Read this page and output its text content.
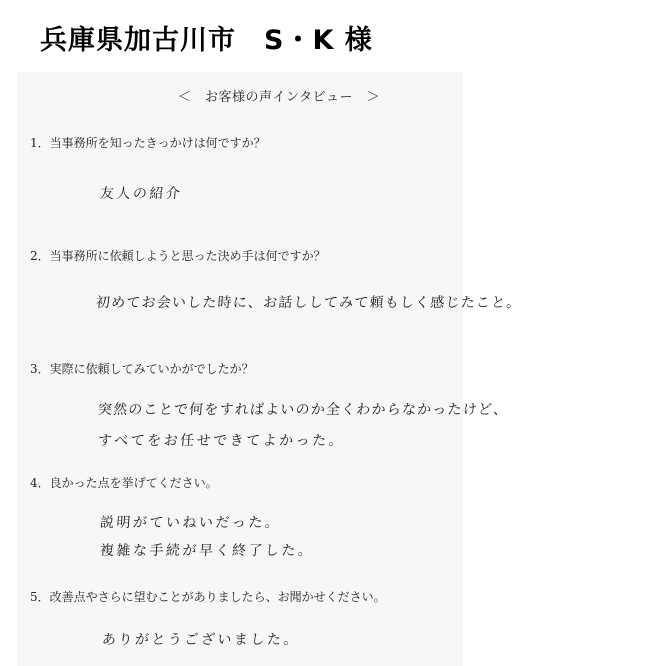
兵庫県加古川市　S・K 様
＜　お客様の声インタビュー　＞
1．当事務所を知ったきっかけは何ですか？
友人の紹介
2．当事務所に依頼しようと思った決め手は何ですか？
初めてお会いした時に、お話ししてみて頼もしく感じたこと。
3．実際に依頼してみていかがでしたか？
突然のことで何をすればよいのか全くわからなかったけど、
すべてをお任せできてよかった。
4．良かった点を挙げてください。
説明がていねいだった。
複雑な手続が早く終了した。
5．改善点やさらに望むことがありましたら、お聞かせください。
ありがとうございました。
